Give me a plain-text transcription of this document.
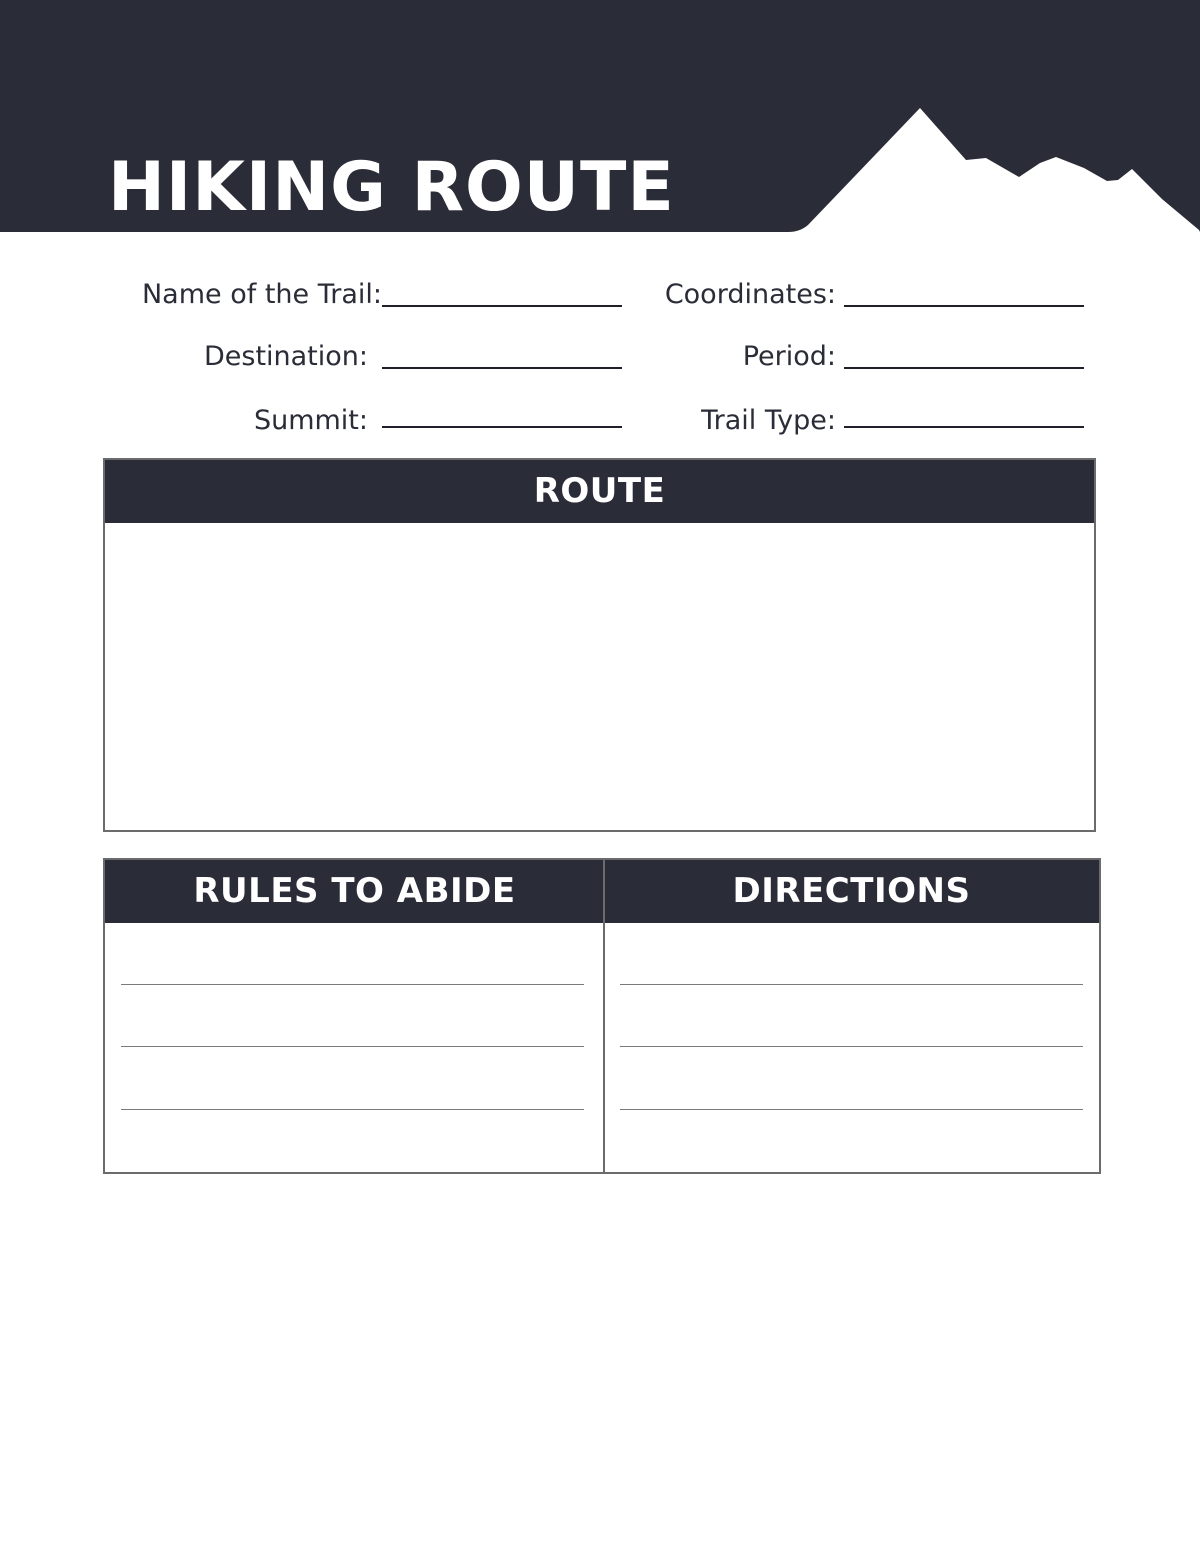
HIKING ROUTE
Name of the Trail:
Destination:
Summit:
Coordinates:
Period:
Trail Type:
ROUTE
RULES TO ABIDE	DIRECTIONS
